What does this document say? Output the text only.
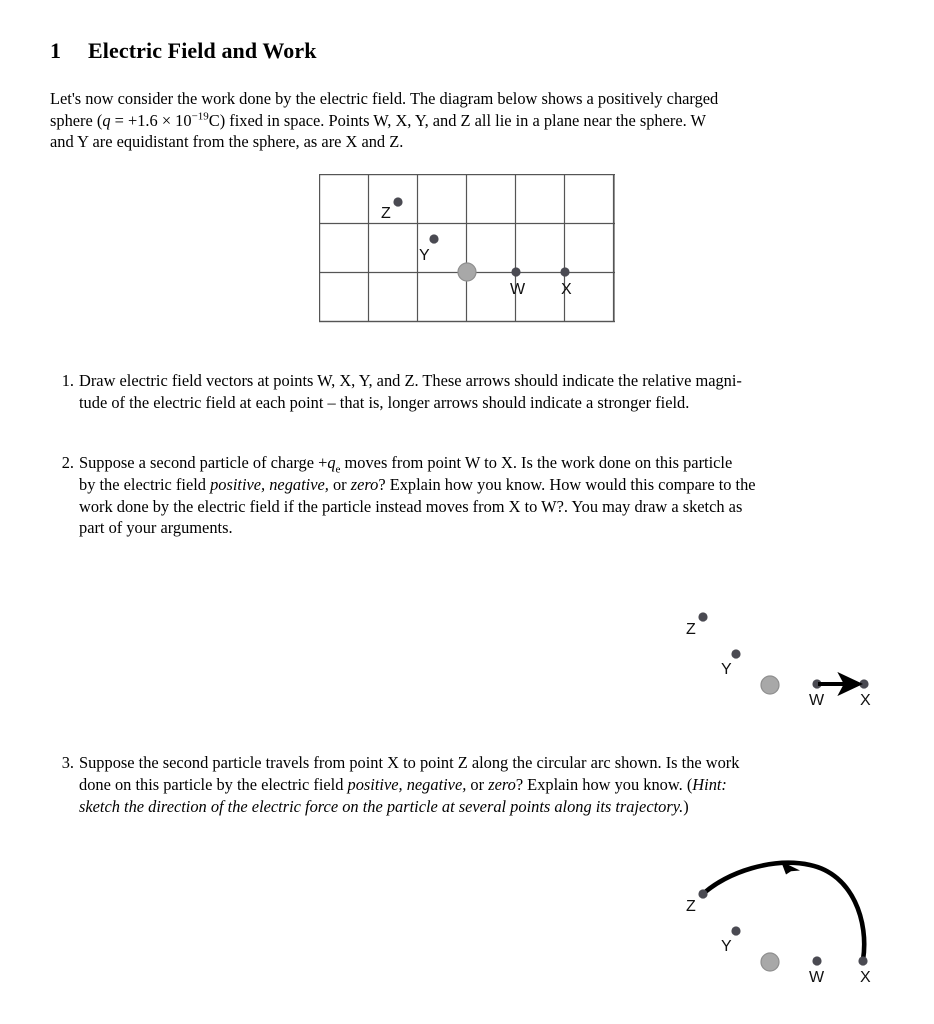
1 Electric Field and Work
Let's now consider the work done by the electric field. The diagram below shows a positively charged
sphere $(q = +1.6 \times 10^{-19}C)$ fixed in space. Points W, X, Y, and Z all lie in a plane near the sphere. W
and Y are equidistant from the sphere, as are X and Z.
Z
Y
W X
1. Draw electric field vectors at points W, X, Y, and Z. These arrows should indicate the relative magni-
tude of the electric field at each point – that is, longer arrows should indicate a stronger field.
2. Suppose a second particle of charge $+q_e$ moves from point W to X. Is the work done on this particle
by the electric field positive, negative, or zero? Explain how you know. How would this compare to the
work done by the electric field if the particle instead moves from X to W?. You may draw a sketch as
part of your arguments.
Z
Y
W X
3. Suppose the second particle travels from point X to point Z along the circular arc shown. Is the work
done on this particle by the electric field positive, negative, or zero? Explain how you know. (Hint:
sketch the direction of the electric force on the particle at several points along its trajectory.)
Z
Y
W X
